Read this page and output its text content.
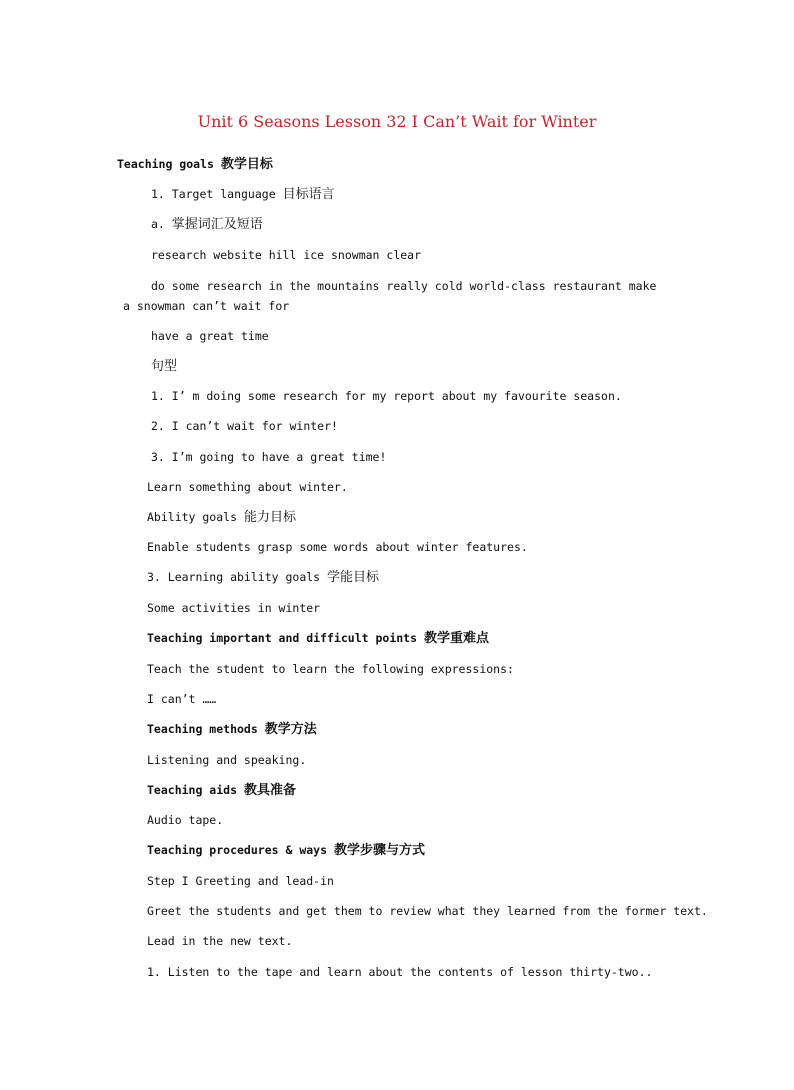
Unit 6 Seasons Lesson 32 I Can’t Wait for Winter
Teaching goals 教学目标
1. Target language 目标语言
a. 掌握词汇及短语
research website hill ice snowman clear
do some research in the mountains really cold world-class restaurant make
a snowman can’t wait for
have a great time
句型
1. I’ m doing some research for my report about my favourite season.
2. I can’t wait for winter!
3. I’m going to have a great time!
Learn something about winter.
Ability goals 能力目标
Enable students grasp some words about winter features.
3. Learning ability goals 学能目标
Some activities in winter
Teaching important and difficult points 教学重难点
Teach the student to learn the following expressions:
I can’t ……
Teaching methods 教学方法
Listening and speaking.
Teaching aids 教具准备
Audio tape.
Teaching procedures & ways 教学步骤与方式
Step I Greeting and lead-in
Greet the students and get them to review what they learned from the former text.
Lead in the new text.
1. Listen to the tape and learn about the contents of lesson thirty-two..
